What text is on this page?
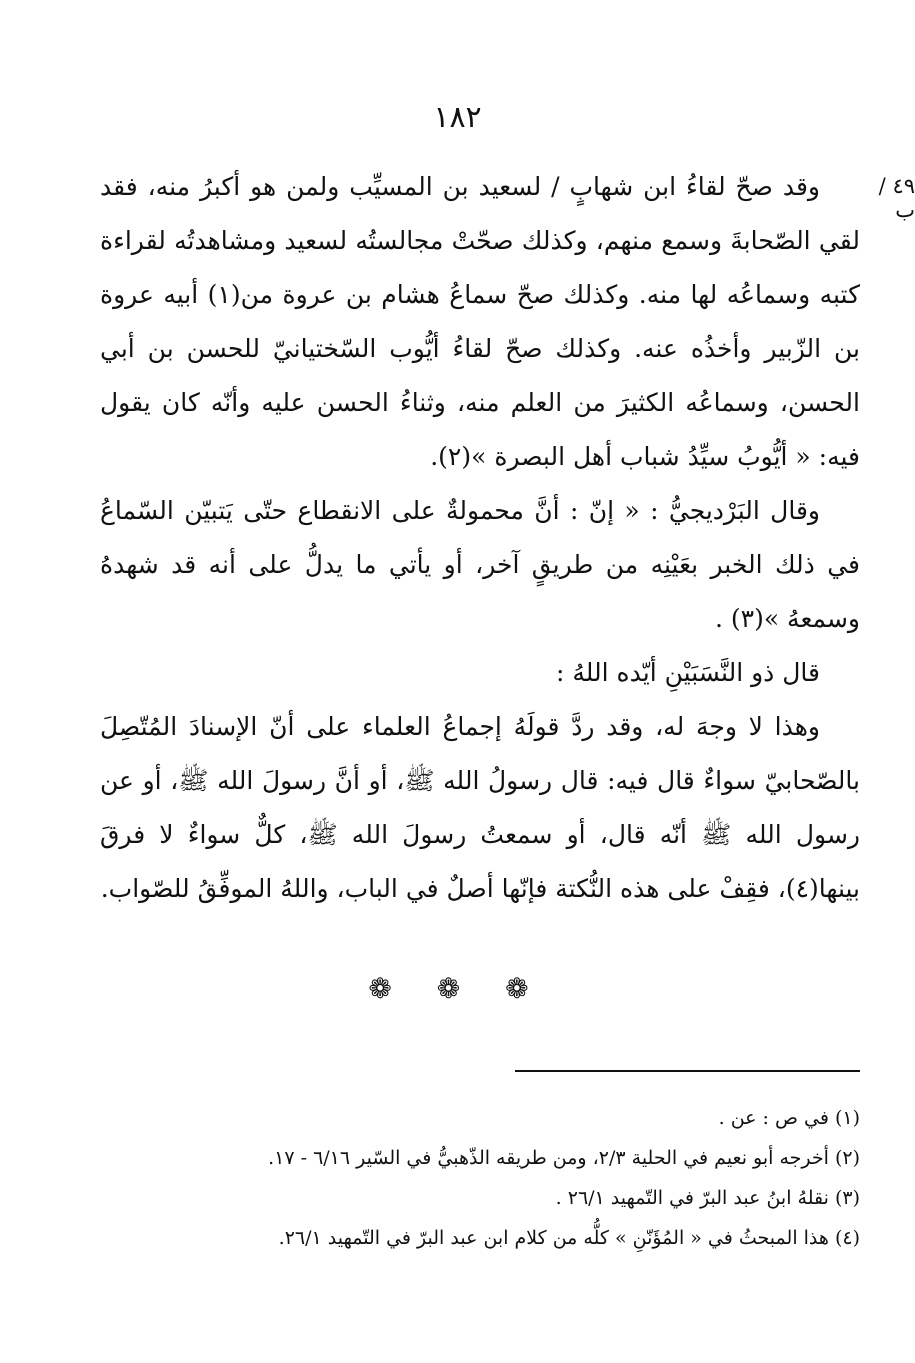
١٨٢
٤٩ / ب

وقد صحّ لقاءُ ابن شهابٍ / لسعيد بن المسيِّب ولمن هو أكبرُ منه، فقد لقي الصّحابةَ وسمع منهم، وكذلك صحّتْ مجالستُه لسعيد ومشاهدتُه لقراءة كتبه وسماعُه لها منه. وكذلك صحّ سماعُ هشام بن عروة من(١) أبيه عروة بن الزّبير وأخذُه عنه. وكذلك صحّ لقاءُ أيُّوب السّختيانيّ للحسن بن أبي الحسن، وسماعُه الكثيرَ من العلم منه، وثناءُ الحسن عليه وأنّه كان يقول فيه: « أيُّوبُ سيِّدُ شباب أهل البصرة »(٢).

وقال البَرْديجيُّ : « إنّ : أنَّ محمولةٌ على الانقطاع حتّى يَتبيّن السّماعُ في ذلك الخبر بعَيْنِه من طريقٍ آخر، أو يأتي ما يدلُّ على أنه قد شهدهُ وسمعهُ »(٣) .

قال ذو النَّسَبَيْنِ أيّده اللهُ :

وهذا لا وجهَ له، وقد ردَّ قولَهُ إجماعُ العلماء على أنّ الإسنادَ المُتّصِلَ بالصّحابيّ سواءٌ قال فيه: قال رسولُ الله ﷺ، أو أنَّ رسولَ الله ﷺ، أو عن رسول الله ﷺ أنّه قال، أو سمعتُ رسولَ الله ﷺ، كلٌّ سواءٌ لا فرقَ بينها(٤)، فقِفْ على هذه النُّكتة فإنّها أصلٌ في الباب، واللهُ الموفِّقُ للصّواب.

❁ ❁ ❁
(١) في ص : عن .
(٢) أخرجه أبو نعيم في الحلية ٢/٣، ومن طريقه الذّهبيُّ في السّير ٦/١٦ - ١٧.
(٣) نقلهُ ابنُ عبد البرّ في التّمهيد ٢٦/١ .
(٤) هذا المبحثُ في « المُؤَنّنِ » كلُّه من كلام ابن عبد البرّ في التّمهيد ٢٦/١.
